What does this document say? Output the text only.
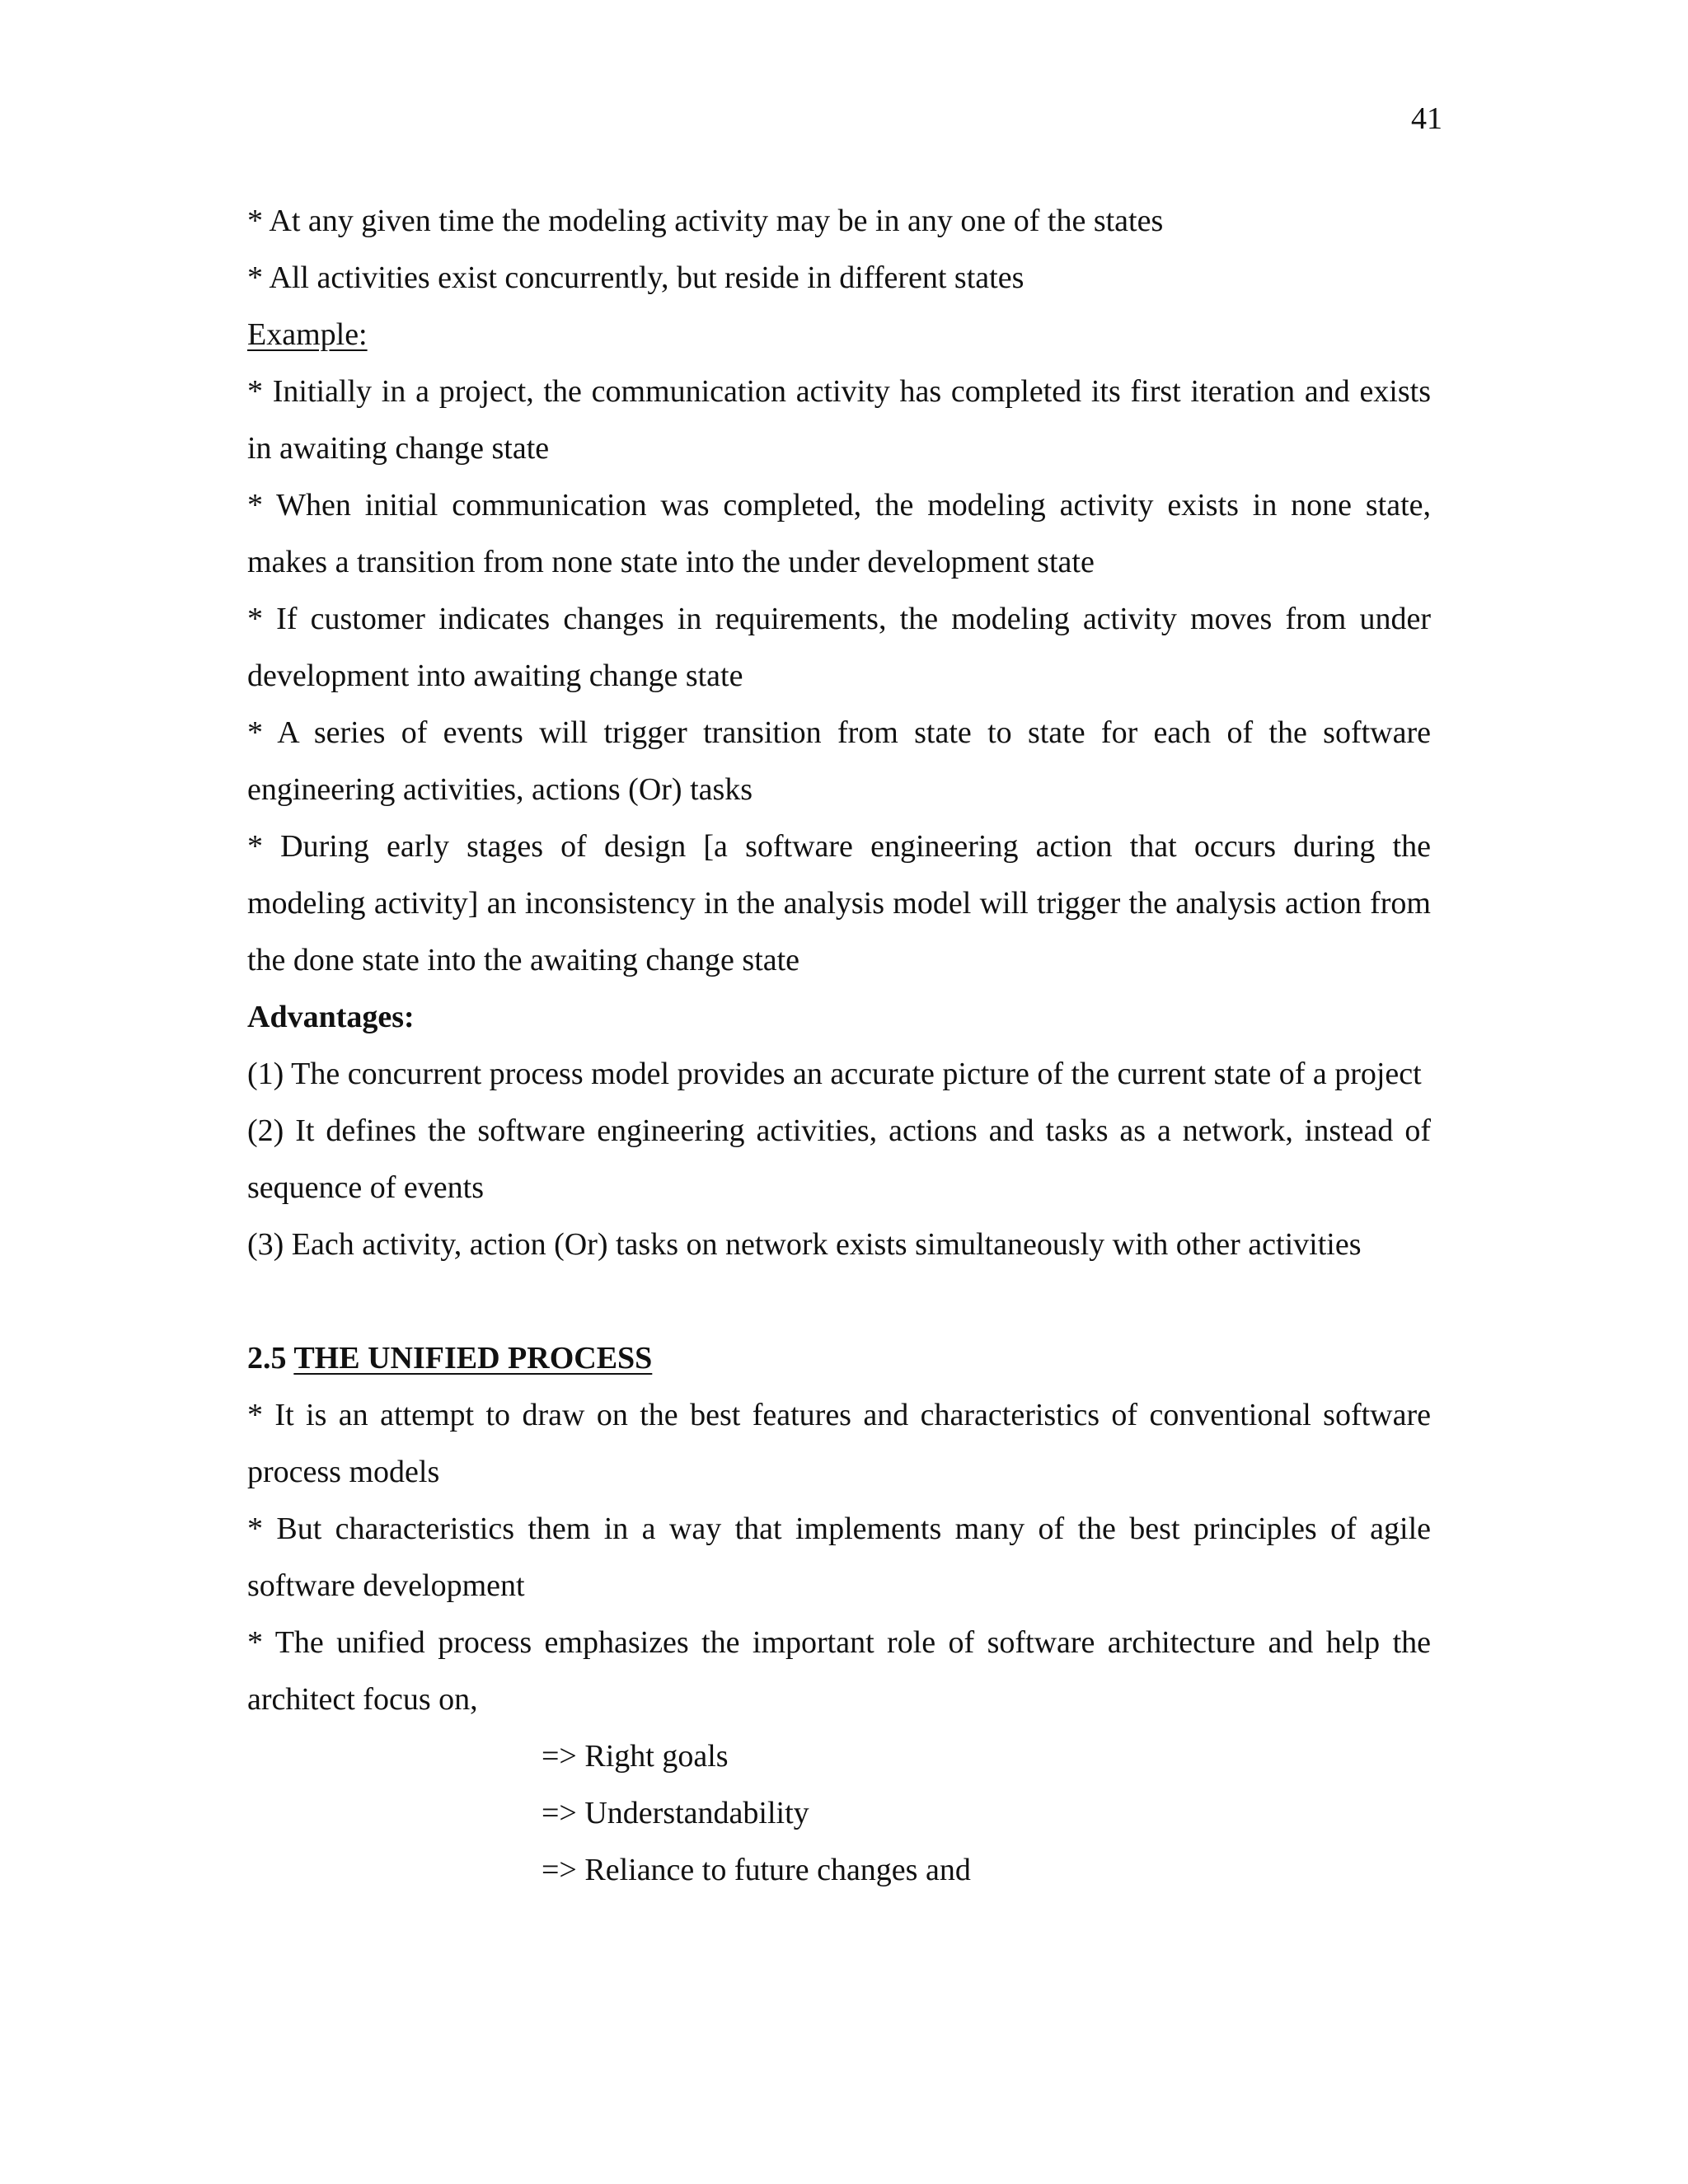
41
* At any given time the modeling activity may be in any one of the states
* All activities exist concurrently, but reside in different states
Example:
* Initially in a project, the communication activity has completed its first iteration and exists in awaiting change state
* When initial communication was completed, the modeling activity exists in none state, makes a transition from none state into the under development state
* If customer indicates changes in requirements, the modeling activity moves from under development into awaiting change state
* A series of events will trigger transition from state to state for each of the software engineering activities, actions (Or) tasks
* During early stages of design [a software engineering action that occurs during the modeling activity] an inconsistency in the analysis model will trigger the analysis action from the done state into the awaiting change state
Advantages:
(1) The concurrent process model provides an accurate picture of the current state of a project
(2) It defines the software engineering activities, actions and tasks as a network, instead of sequence of events
(3) Each activity, action (Or) tasks on network exists simultaneously with other activities
2.5 THE UNIFIED PROCESS
* It is an attempt to draw on the best features and characteristics of conventional software process models
* But characteristics them in a way that implements many of the best principles of agile software development
* The unified process emphasizes the important role of software architecture and help the architect focus on,
=> Right goals
=> Understandability
=> Reliance to future changes and
